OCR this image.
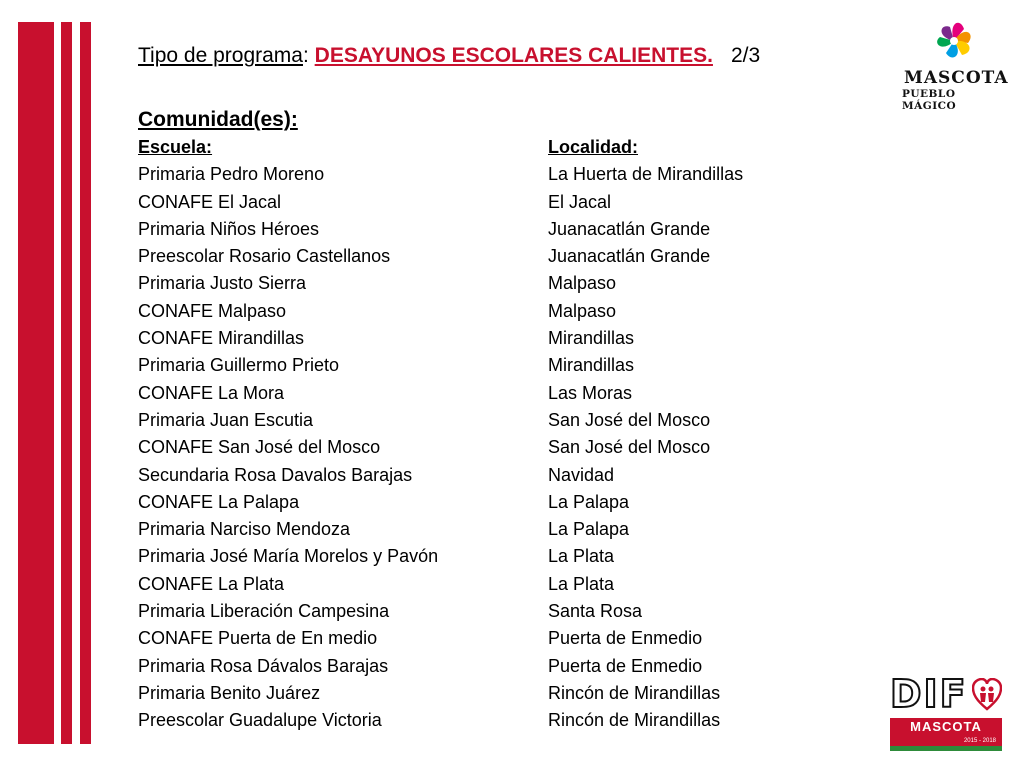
Tipo de programa: DESAYUNOS ESCOLARES CALIENTES. 2/3
Comunidad(es):
Escuela:	Localidad:
Primaria Pedro Moreno	La Huerta de Mirandillas
CONAFE El Jacal	El Jacal
Primaria Niños Héroes	Juanacatlán Grande
Preescolar Rosario Castellanos	Juanacatlán Grande
Primaria Justo Sierra	Malpaso
CONAFE Malpaso	Malpaso
CONAFE Mirandillas	Mirandillas
Primaria Guillermo Prieto	Mirandillas
CONAFE La Mora	Las Moras
Primaria Juan Escutia	San José del Mosco
CONAFE San José del Mosco	San José del Mosco
Secundaria Rosa Davalos Barajas	Navidad
CONAFE La Palapa	La Palapa
Primaria Narciso Mendoza	La Palapa
Primaria José María Morelos y Pavón	La Plata
CONAFE La Plata	La Plata
Primaria Liberación Campesina	Santa Rosa
CONAFE Puerta de En medio	Puerta de Enmedio
Primaria Rosa Dávalos Barajas	Puerta de Enmedio
Primaria Benito Juárez	Rincón de Mirandillas
Preescolar Guadalupe Victoria	Rincón de Mirandillas
MASCOTA
PUEBLO MÁGICO
DIF
MASCOTA
2015 - 2018
